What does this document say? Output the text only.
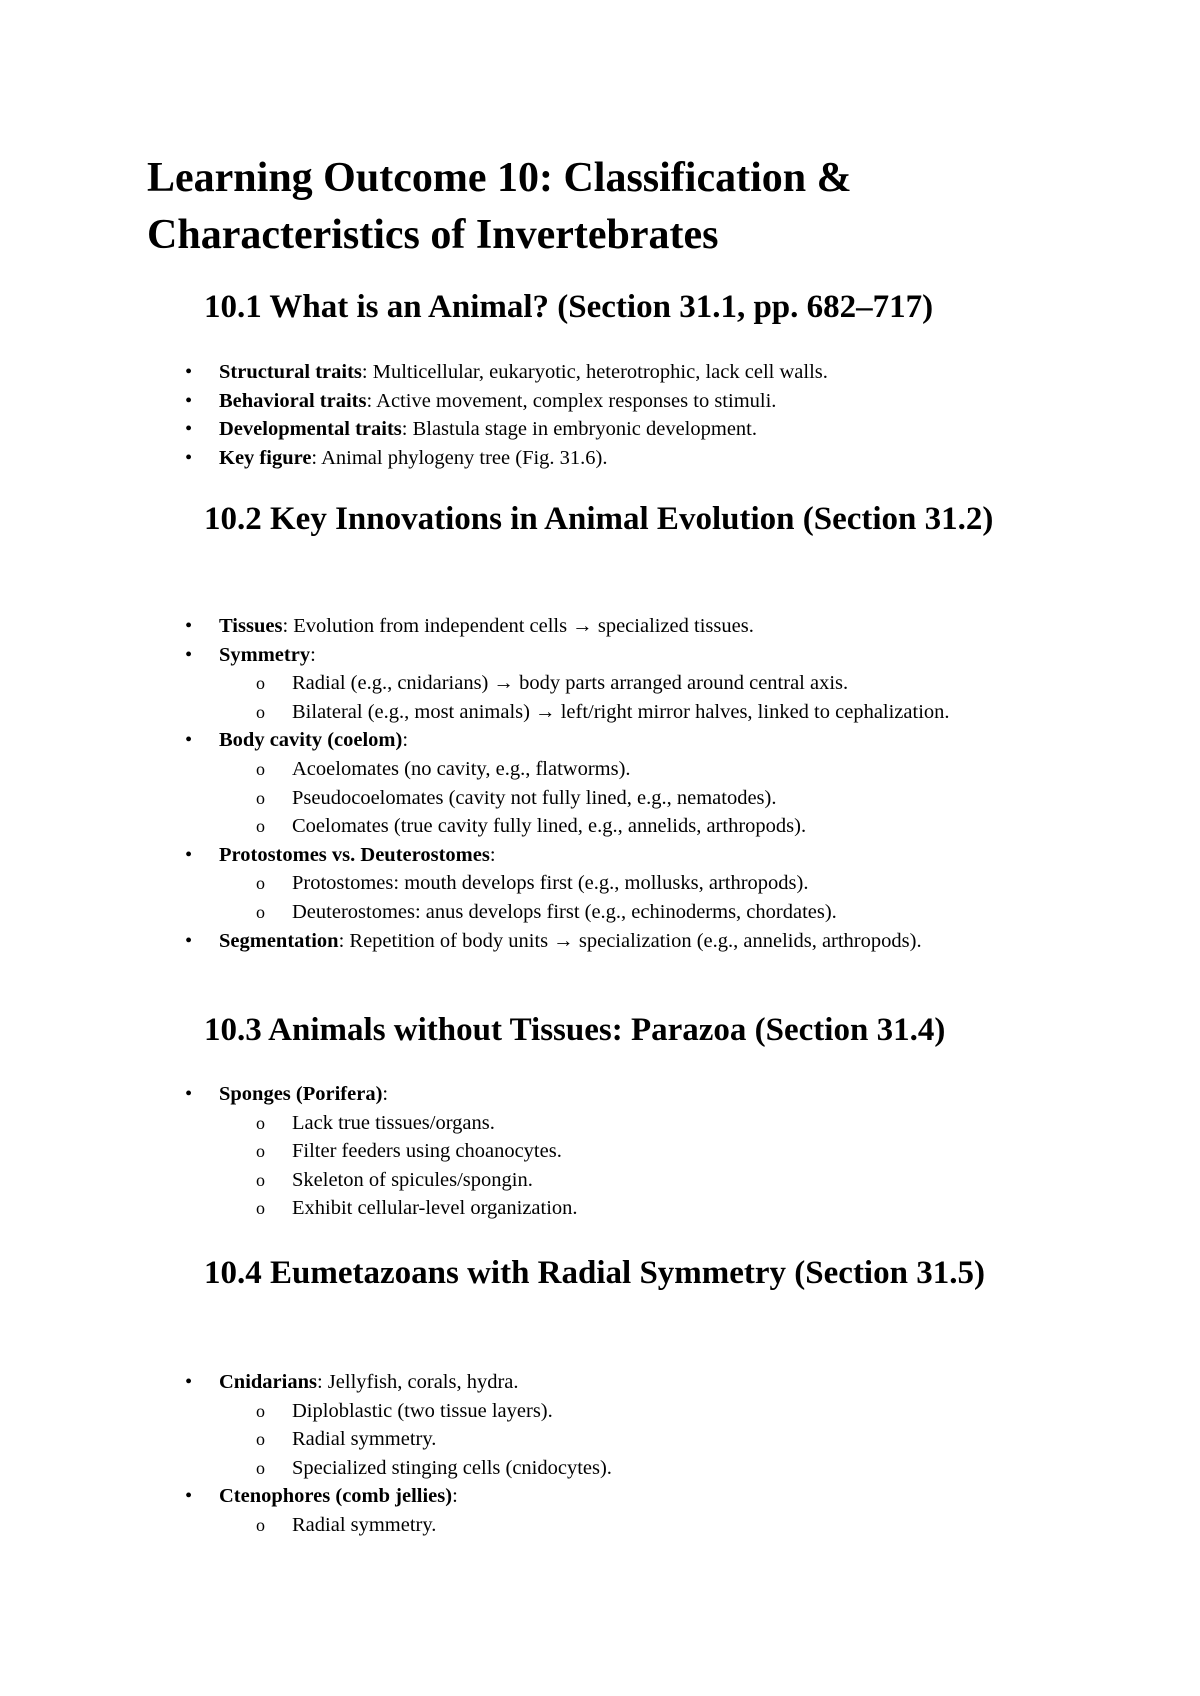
Learning Outcome 10: Classification & Characteristics of Invertebrates
10.1 What is an Animal? (Section 31.1, pp. 682–717)
• Structural traits: Multicellular, eukaryotic, heterotrophic, lack cell walls.
• Behavioral traits: Active movement, complex responses to stimuli.
• Developmental traits: Blastula stage in embryonic development.
• Key figure: Animal phylogeny tree (Fig. 31.6).
10.2 Key Innovations in Animal Evolution (Section 31.2)
• Tissues: Evolution from independent cells → specialized tissues.
• Symmetry:
o Radial (e.g., cnidarians) → body parts arranged around central axis.
o Bilateral (e.g., most animals) → left/right mirror halves, linked to cephalization.
• Body cavity (coelom):
o Acoelomates (no cavity, e.g., flatworms).
o Pseudocoelomates (cavity not fully lined, e.g., nematodes).
o Coelomates (true cavity fully lined, e.g., annelids, arthropods).
• Protostomes vs. Deuterostomes:
o Protostomes: mouth develops first (e.g., mollusks, arthropods).
o Deuterostomes: anus develops first (e.g., echinoderms, chordates).
• Segmentation: Repetition of body units → specialization (e.g., annelids, arthropods).
10.3 Animals without Tissues: Parazoa (Section 31.4)
• Sponges (Porifera):
o Lack true tissues/organs.
o Filter feeders using choanocytes.
o Skeleton of spicules/spongin.
o Exhibit cellular-level organization.
10.4 Eumetazoans with Radial Symmetry (Section 31.5)
• Cnidarians: Jellyfish, corals, hydra.
o Diploblastic (two tissue layers).
o Radial symmetry.
o Specialized stinging cells (cnidocytes).
• Ctenophores (comb jellies):
o Radial symmetry.
